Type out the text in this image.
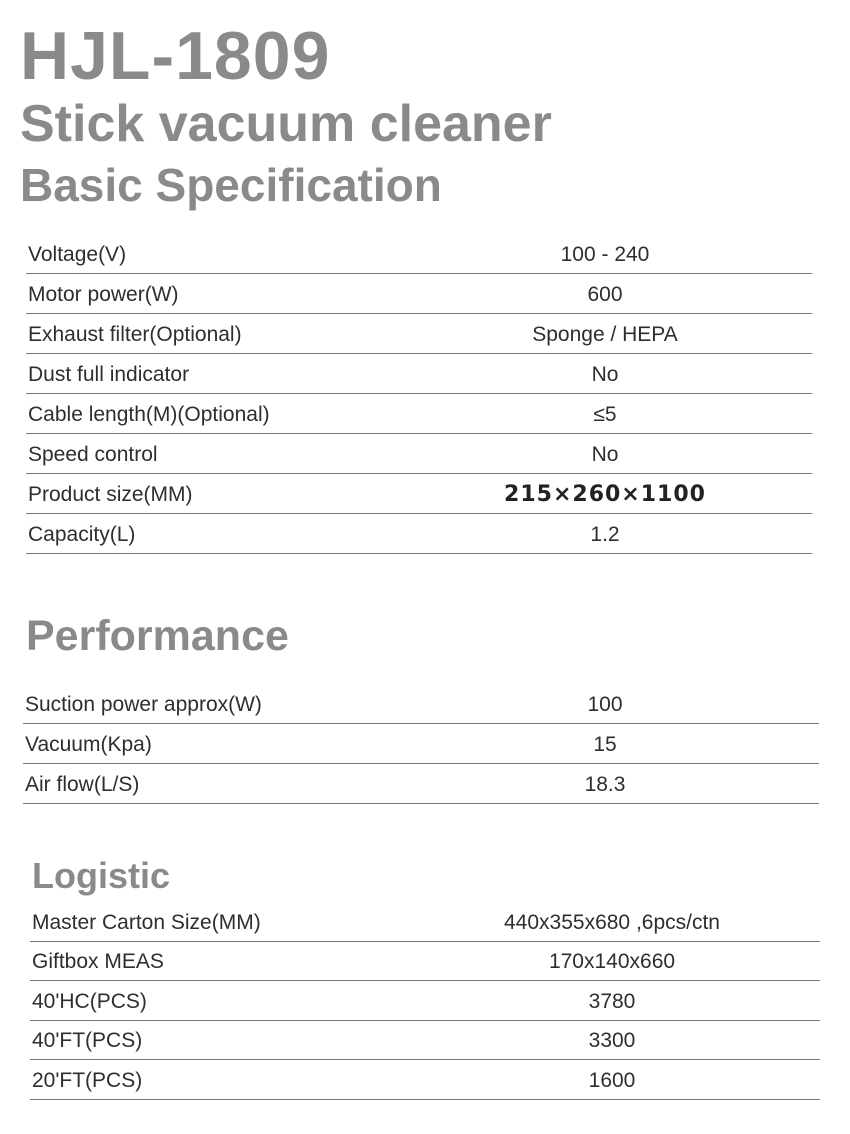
HJL-1809
Stick vacuum cleaner
Basic Specification
Voltage(V)	100 - 240
Motor power(W)	600
Exhaust filter(Optional)	Sponge / HEPA
Dust full indicator	No
Cable length(M)(Optional)	≤5
Speed control	No
Product size(MM)	215×260×1100
Capacity(L)	1.2
Performance
Suction power approx(W)	100
Vacuum(Kpa)	15
Air flow(L/S)	18.3
Logistic
Master Carton Size(MM)	440x355x680 ,6pcs/ctn
Giftbox MEAS	170x140x660
40'HC(PCS)	3780
40'FT(PCS)	3300
20'FT(PCS)	1600
